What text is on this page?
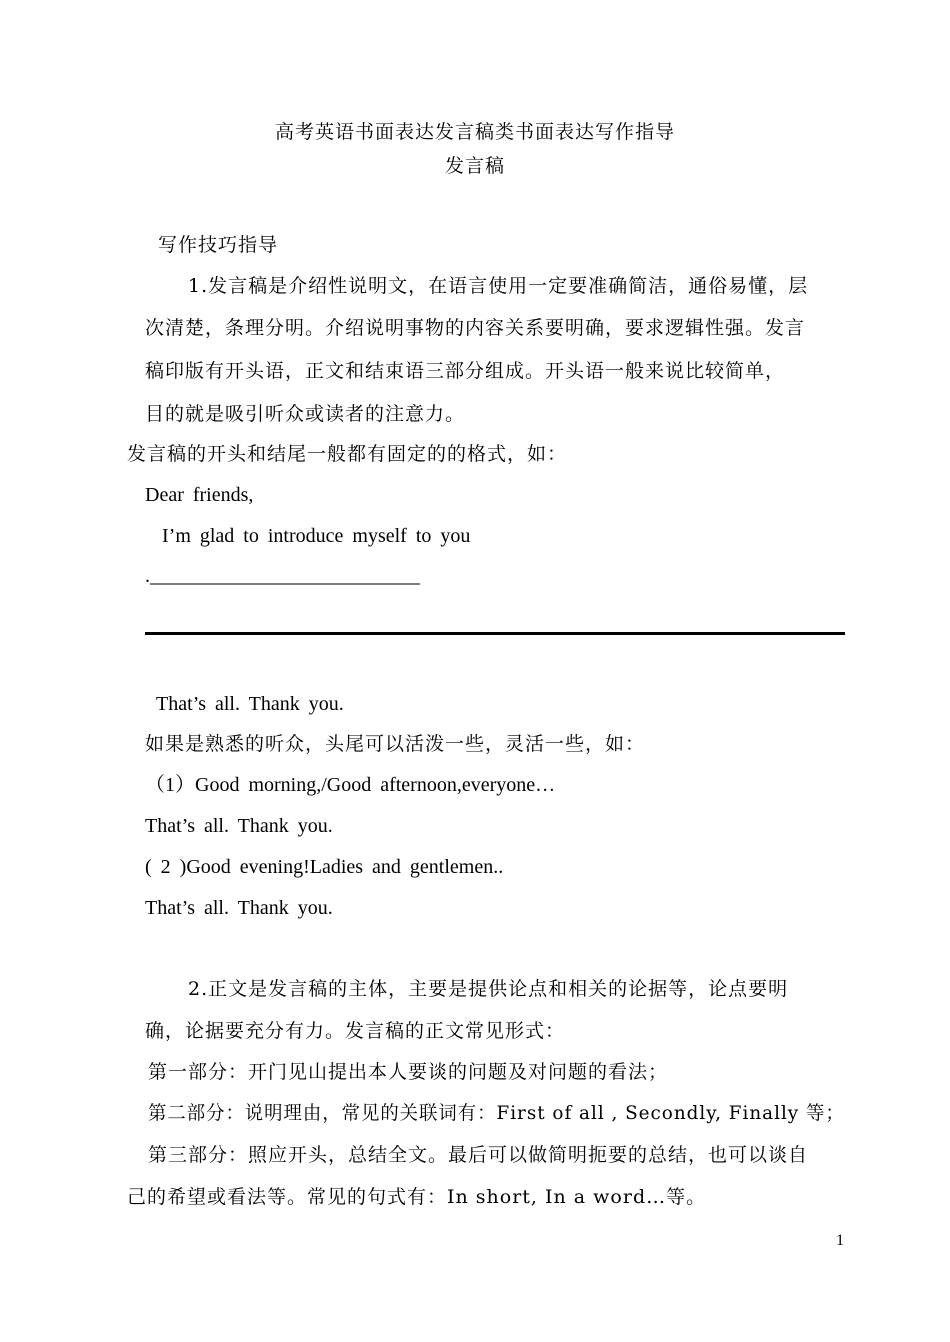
高考英语书面表达发言稿类书面表达写作指导
发言稿
写作技巧指导
1.发言稿是介绍性说明文，在语言使用一定要准确简洁，通俗易懂，层
次清楚，条理分明。介绍说明事物的内容关系要明确，要求逻辑性强。发言
稿印版有开头语，正文和结束语三部分组成。开头语一般来说比较简单，
目的就是吸引听众或读者的注意力。
发言稿的开头和结尾一般都有固定的的格式，如：
Dear friends,
I’m glad to introduce myself to you
.___________________________
That’s all. Thank you.
如果是熟悉的听众，头尾可以活泼一些，灵活一些，如：
（1）Good morning,/Good afternoon,everyone…
That’s all. Thank you.
( 2 )Good evening!Ladies and gentlemen..
That’s all. Thank you.
2.正文是发言稿的主体，主要是提供论点和相关的论据等，论点要明
确，论据要充分有力。发言稿的正文常见形式：
第一部分：开门见山提出本人要谈的问题及对问题的看法；
第二部分：说明理由，常见的关联词有：First of all , Secondly, Finally 等；
第三部分：照应开头，总结全文。最后可以做简明扼要的总结，也可以谈自
己的希望或看法等。常见的句式有：In short, In a word…等。
1
